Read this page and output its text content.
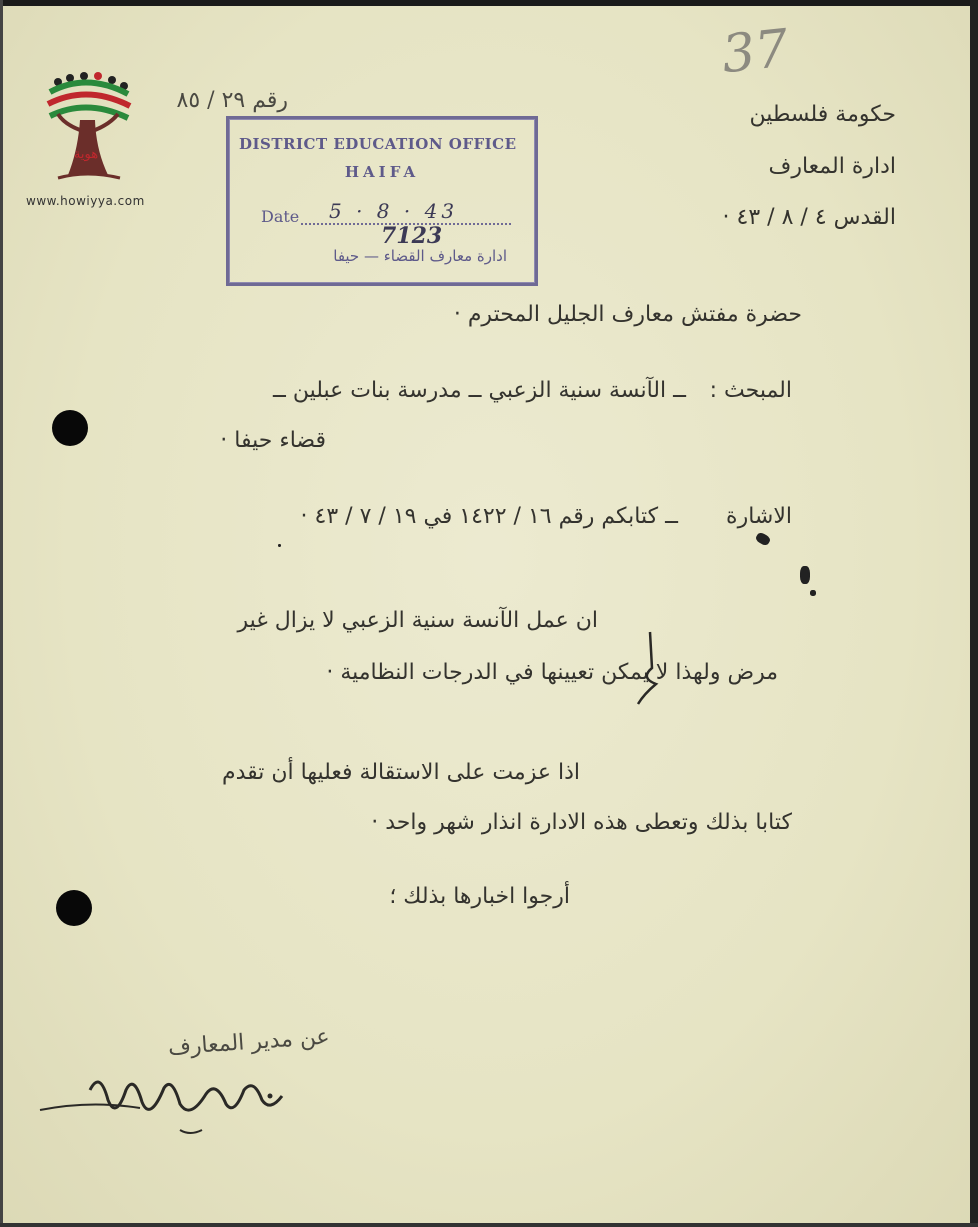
37
هوية
www.howiyya.com
رقم ٢٩ / ٨٥
حكومة فلسطين
ادارة المعارف
القدس ٤ / ٨ / ٤٣ ·
DISTRICT EDUCATION OFFICE
HAIFA
Date 5 · 8 · 43
7123
ادارة معارف القضاء — حيفا
حضرة مفتش معارف الجليل المحترم ·
المبحث :
ــ الآنسة سنية الزعبي ــ مدرسة بنات عبلين ــ
قضاء حيفا ·
الاشارة
ــ كتابكم رقم ١٦ / ١٤٢٢ في ١٩ / ٧ / ٤٣ ·
ان عمل الآنسة سنية الزعبي لا يزال غير
مرض ولهذا لا يمكن تعيينها في الدرجات النظامية ·
اذا عزمت على الاستقالة فعليها أن تقدم
كتابا بذلك وتعطى هذه الادارة انذار شهر واحد ·
أرجوا اخبارها بذلك ؛
عن مدير المعارف
